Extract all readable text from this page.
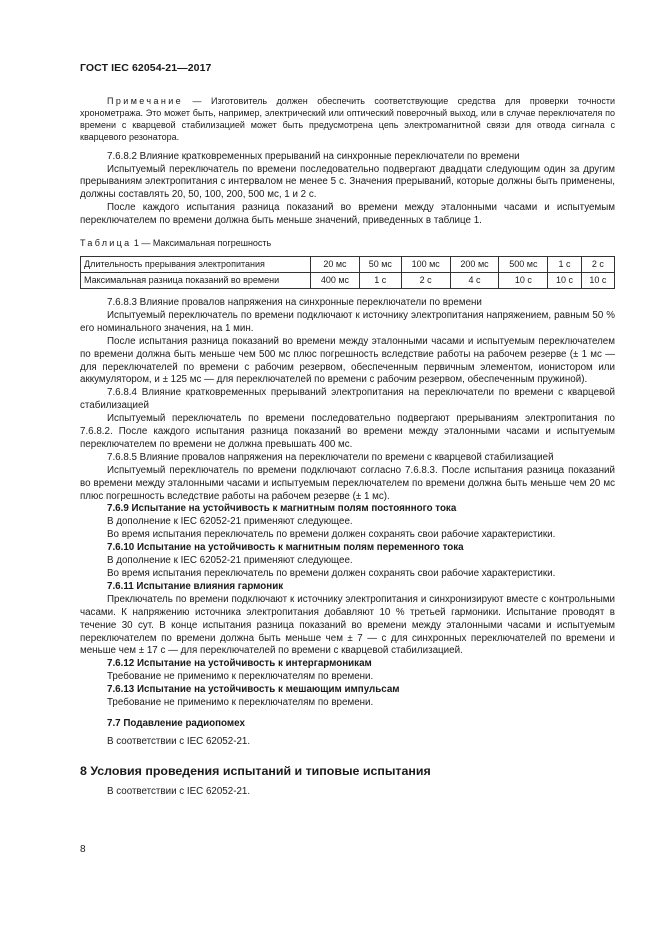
ГОСТ IEC 62054-21—2017

Примечание — Изготовитель должен обеспечить соответствующие средства для проверки точности хронометража. Это может быть, например, электрический или оптический поверочный выход, или в случае переключателя по времени с кварцевой стабилизацией может быть предусмотрена цепь электромагнитной связи для отвода сигнала с кварцевого резонатора.

7.6.8.2 Влияние кратковременных прерываний на синхронные переключатели по времени

Испытуемый переключатель по времени последовательно подвергают двадцати следующим один за другим прерываниям электропитания с интервалом не менее 5 с. Значения прерываний, которые должны быть применены, должны составлять 20, 50, 100, 200, 500 мс, 1 и 2 с.

После каждого испытания разница показаний во времени между эталонными часами и испытуемым переключателем по времени должна быть меньше значений, приведенных в таблице 1.

Таблица 1 — Максимальная погрешность

Длительность прерывания электропитания	20 мс	50 мс	100 мс	200 мс	500 мс	1 с	2 с
Максимальная разница показаний во времени	400 мс	1 с	2 с	4 с	10 с	10 с	10 с

7.6.8.3 Влияние провалов напряжения на синхронные переключатели по времени

Испытуемый переключатель по времени подключают к источнику электропитания напряжением, равным 50 % его номинального значения, на 1 мин.

После испытания разница показаний во времени между эталонными часами и испытуемым переключателем по времени должна быть меньше чем 500 мс плюс погрешность вследствие работы на рабочем резерве (± 1 мс — для переключателей по времени с рабочим резервом, обеспеченным первичным элементом, ионистором или аккумулятором, и ± 125 мс — для переключателей по времени с рабочим резервом, обеспеченным пружиной).

7.6.8.4 Влияние кратковременных прерываний электропитания на переключатели по времени с кварцевой стабилизацией

Испытуемый переключатель по времени последовательно подвергают прерываниям электропитания по 7.6.8.2. После каждого испытания разница показаний во времени между эталонными часами и испытуемым переключателем по времени не должна превышать 400 мс.

7.6.8.5 Влияние провалов напряжения на переключатели по времени с кварцевой стабилизацией

Испытуемый переключатель по времени подключают согласно 7.6.8.3. После испытания разница показаний во времени между эталонными часами и испытуемым переключателем по времени должна быть меньше чем 20 мс плюс погрешность вследствие работы на рабочем резерве (± 1 мс).

7.6.9 Испытание на устойчивость к магнитным полям постоянного тока

В дополнение к IEC 62052-21 применяют следующее.

Во время испытания переключатель по времени должен сохранять свои рабочие характеристики.

7.6.10 Испытание на устойчивость к магнитным полям переменного тока

В дополнение к IEC 62052-21 применяют следующее.

Во время испытания переключатель по времени должен сохранять свои рабочие характеристики.

7.6.11 Испытание влияния гармоник

Преключатель по времени подключают к источнику электропитания и синхронизируют вместе с контрольными часами. К напряжению источника электропитания добавляют 10 % третьей гармоники. Испытание проводят в течение 30 сут. В конце испытания разница показаний во времени между эталонными часами и испытуемым переключателем по времени должна быть меньше чем ± 7 — с для синхронных переключателей по времени и меньше чем ± 17 с — для переключателей по времени с кварцевой стабилизацией.

7.6.12 Испытание на устойчивость к интергармоникам

Требование не применимо к переключателям по времени.

7.6.13 Испытание на устойчивость к мешающим импульсам

Требование не применимо к переключателям по времени.

7.7 Подавление радиопомех

В соответствии с IEC 62052-21.

8 Условия проведения испытаний и типовые испытания

В соответствии с IEC 62052-21.

8
